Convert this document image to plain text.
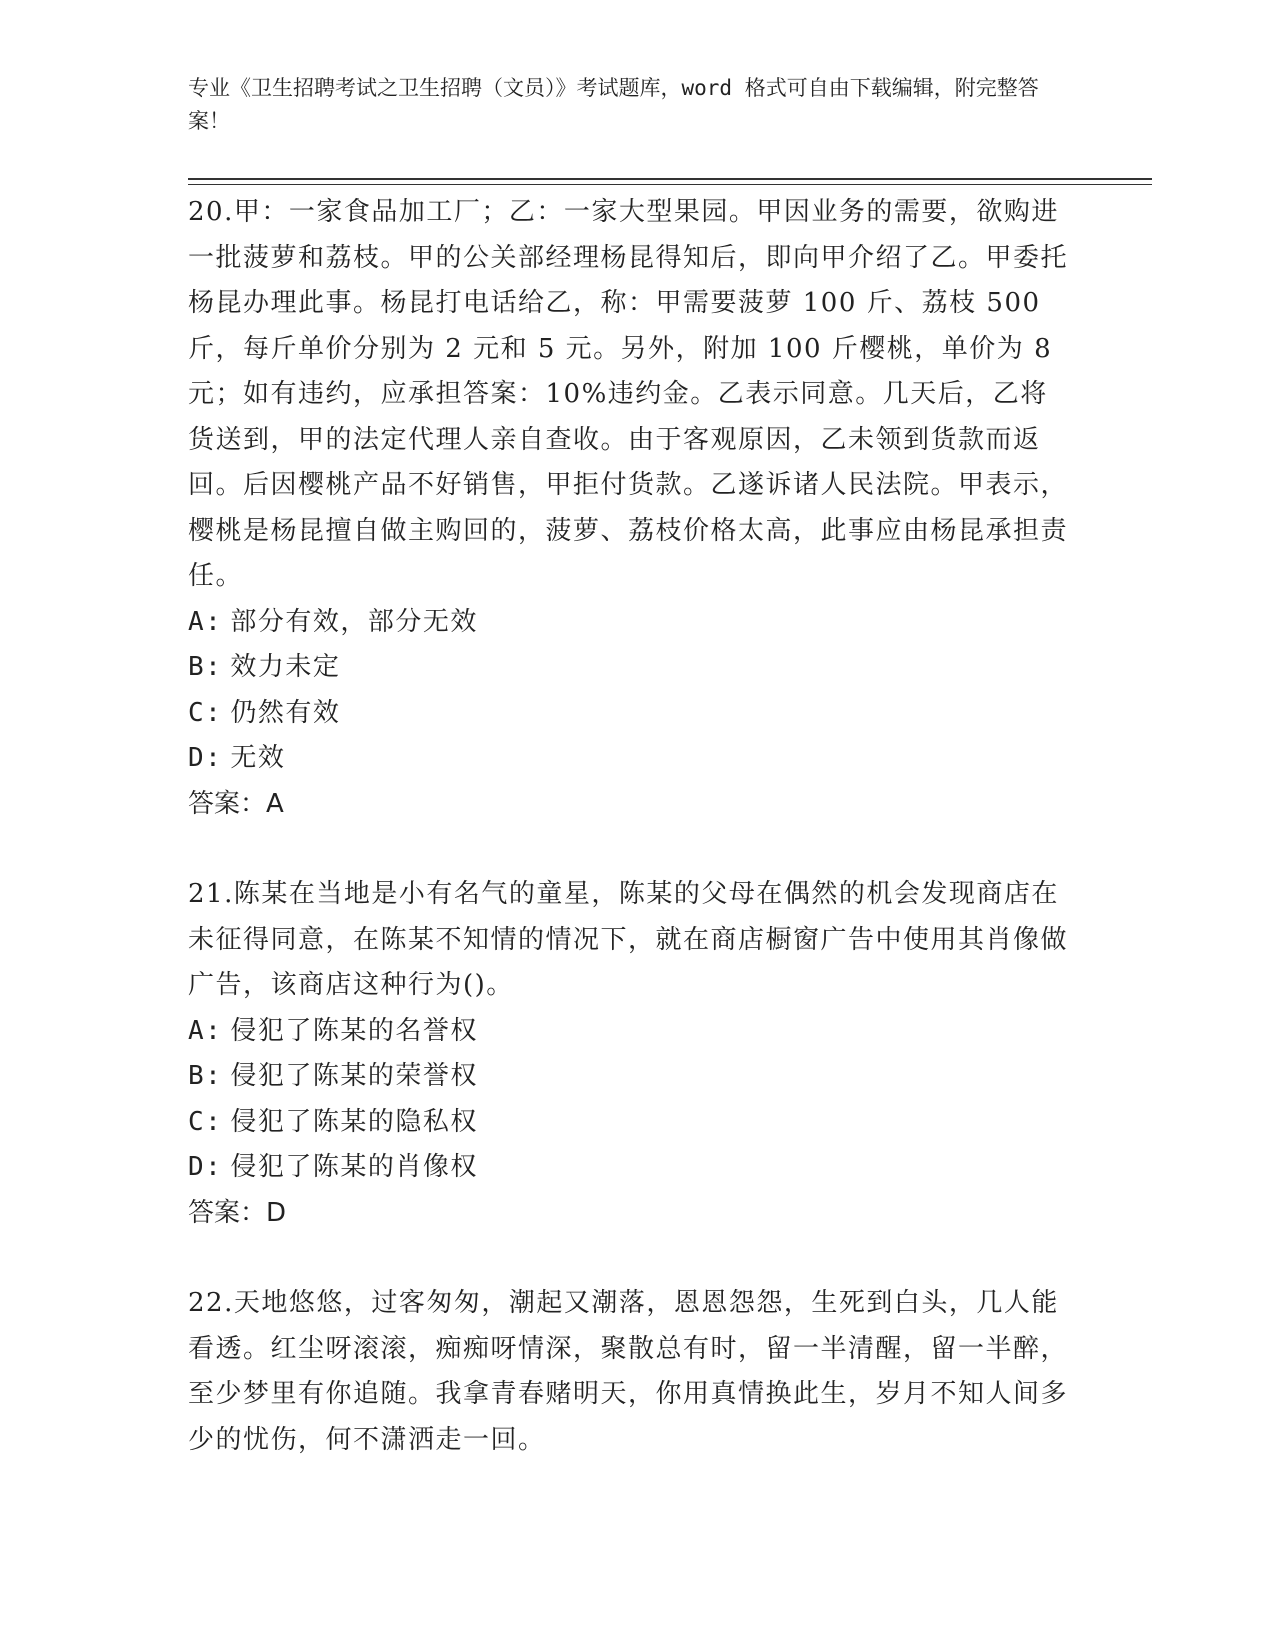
专业《卫生招聘考试之卫生招聘（文员）》考试题库，word 格式可自由下载编辑，附完整答案！

20.甲：一家食品加工厂；乙：一家大型果园。甲因业务的需要，欲购进一批菠萝和荔枝。甲的公关部经理杨昆得知后，即向甲介绍了乙。甲委托杨昆办理此事。杨昆打电话给乙，称：甲需要菠萝 100 斤、荔枝 500 斤，每斤单价分别为 2 元和 5 元。另外，附加 100 斤樱桃，单价为 8 元；如有违约，应承担答案：10%违约金。乙表示同意。几天后，乙将货送到，甲的法定代理人亲自查收。由于客观原因，乙未领到货款而返回。后因樱桃产品不好销售，甲拒付货款。乙遂诉诸人民法院。甲表示，樱桃是杨昆擅自做主购回的，菠萝、荔枝价格太高，此事应由杨昆承担责任。

A: 部分有效，部分无效
B: 效力未定
C: 仍然有效
D: 无效

答案：A

21.陈某在当地是小有名气的童星，陈某的父母在偶然的机会发现商店在未征得同意，在陈某不知情的情况下，就在商店橱窗广告中使用其肖像做广告，该商店这种行为()。

A: 侵犯了陈某的名誉权
B: 侵犯了陈某的荣誉权
C: 侵犯了陈某的隐私权
D: 侵犯了陈某的肖像权

答案：D

22.天地悠悠，过客匆匆，潮起又潮落，恩恩怨怨，生死到白头，几人能看透。红尘呀滚滚，痴痴呀情深，聚散总有时，留一半清醒，留一半醉，至少梦里有你追随。我拿青春赌明天，你用真情换此生，岁月不知人间多少的忧伤，何不潇洒走一回。
